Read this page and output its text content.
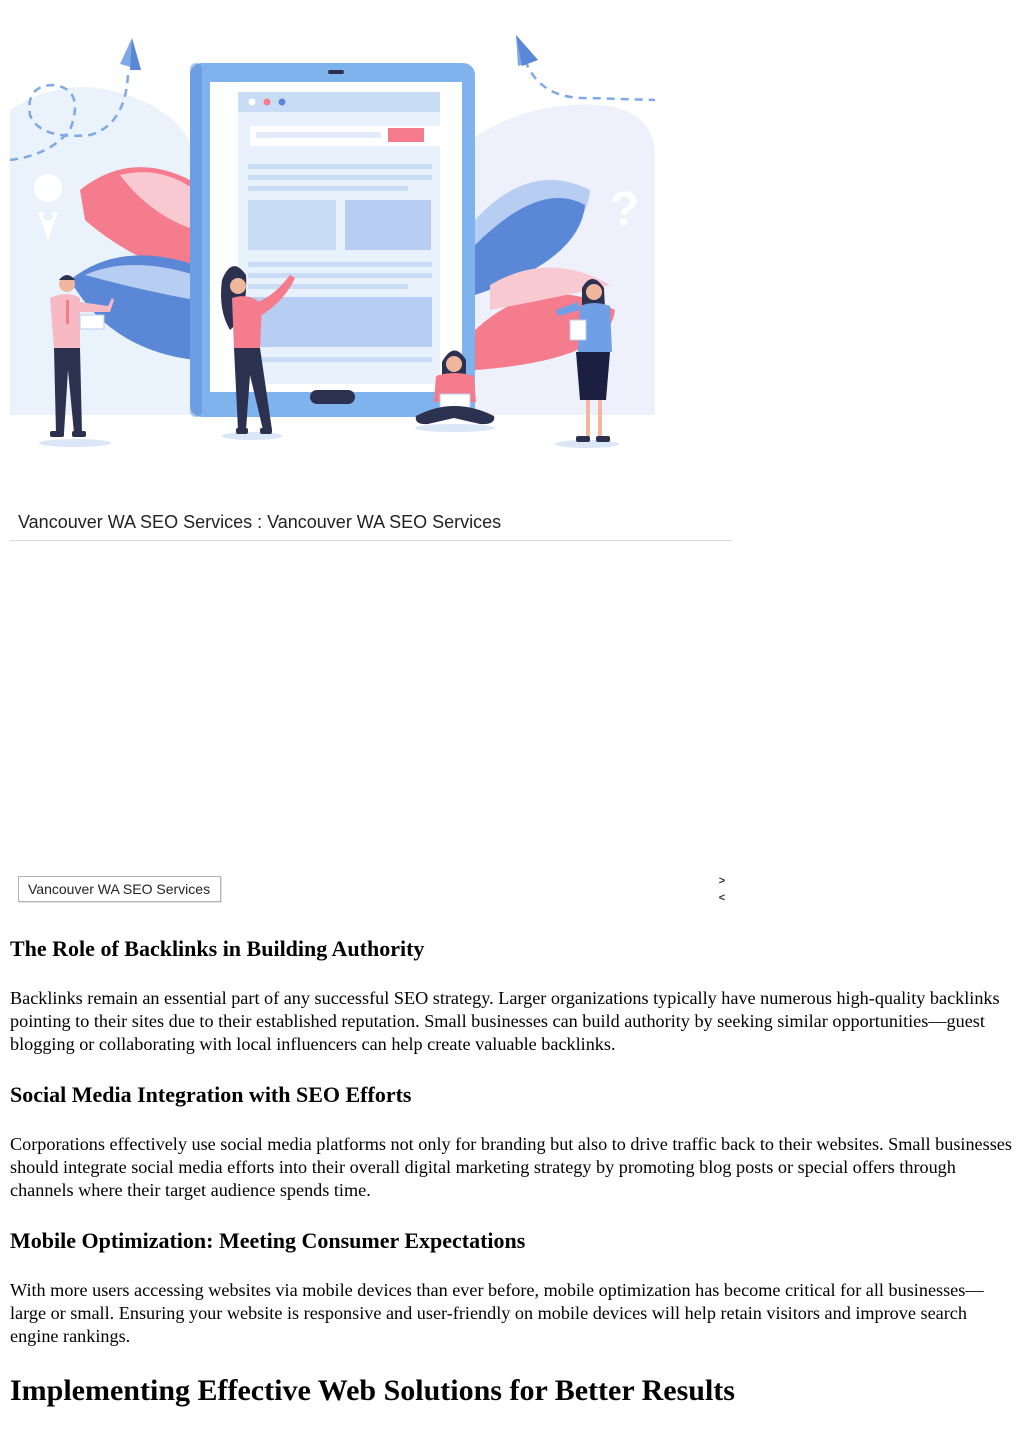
?
Vancouver WA SEO Services : Vancouver WA SEO Services
Vancouver WA SEO Services	>
<
The Role of Backlinks in Building Authority

Backlinks remain an essential part of any successful SEO strategy. Larger organizations typically have numerous high-quality backlinks pointing to their sites due to their established reputation. Small businesses can build authority by seeking similar opportunities—guest blogging or collaborating with local influencers can help create valuable backlinks.

Social Media Integration with SEO Efforts

Corporations effectively use social media platforms not only for branding but also to drive traffic back to their websites. Small businesses should integrate social media efforts into their overall digital marketing strategy by promoting blog posts or special offers through channels where their target audience spends time.

Mobile Optimization: Meeting Consumer Expectations

With more users accessing websites via mobile devices than ever before, mobile optimization has become critical for all businesses—large or small. Ensuring your website is responsive and user-friendly on mobile devices will help retain visitors and improve search engine rankings.

Implementing Effective Web Solutions for Better Results
